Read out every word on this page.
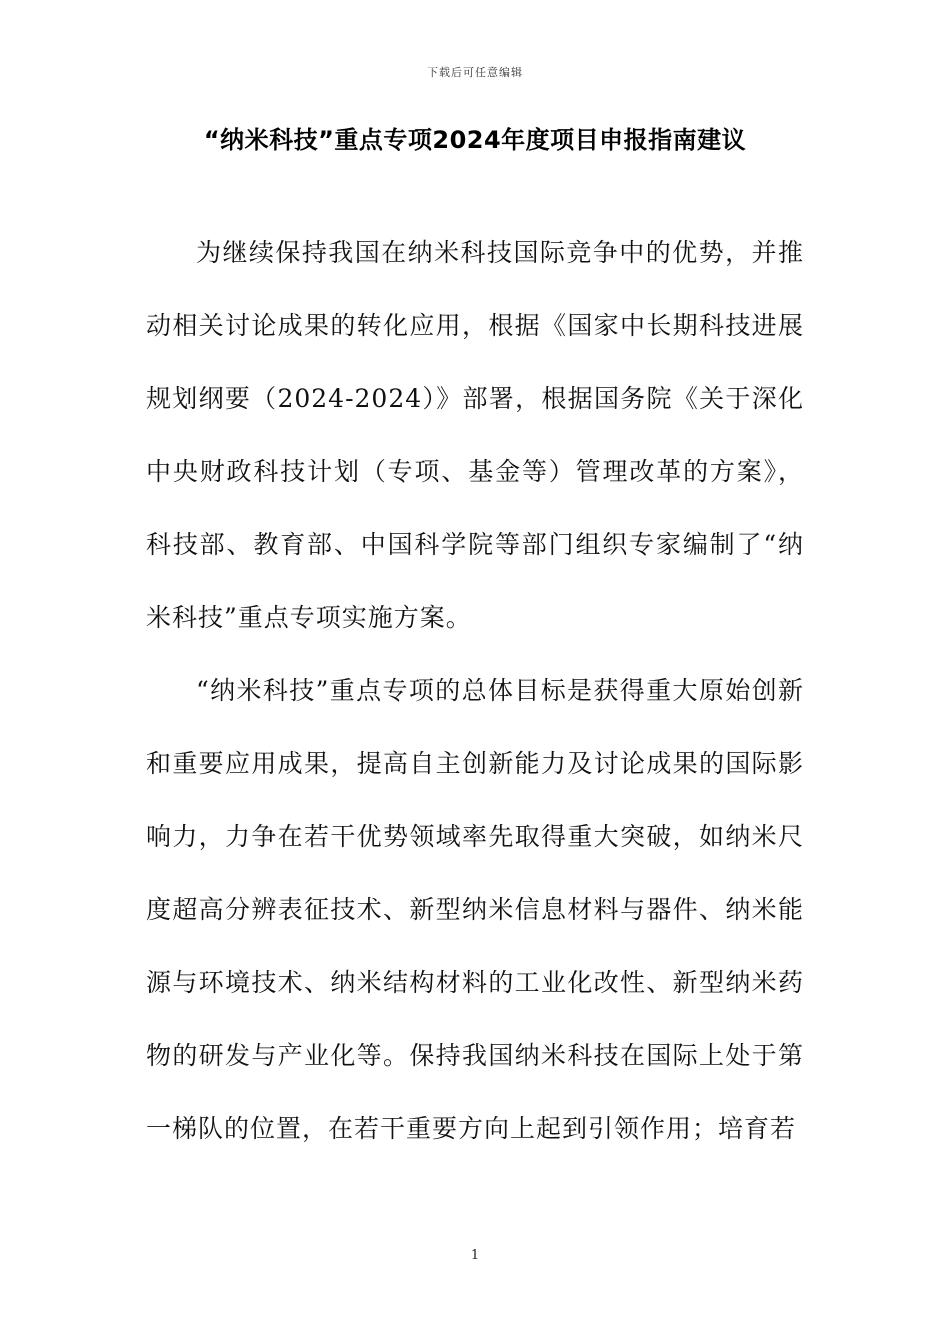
下载后可任意编辑
“纳米科技”重点专项2024年度项目申报指南建议

为继续保持我国在纳米科技国际竞争中的优势，并推动相关讨论成果的转化应用，根据《国家中长期科技进展规划纲要（2024-2024）》部署，根据国务院《关于深化中央财政科技计划（专项、基金等）管理改革的方案》，科技部、教育部、中国科学院等部门组织专家编制了“纳米科技”重点专项实施方案。

“纳米科技”重点专项的总体目标是获得重大原始创新和重要应用成果，提高自主创新能力及讨论成果的国际影响力，力争在若干优势领域率先取得重大突破，如纳米尺度超高分辨表征技术、新型纳米信息材料与器件、纳米能源与环境技术、纳米结构材料的工业化改性、新型纳米药物的研发与产业化等。保持我国纳米科技在国际上处于第一梯队的位置，在若干重要方向上起到引领作用；培育若

1
